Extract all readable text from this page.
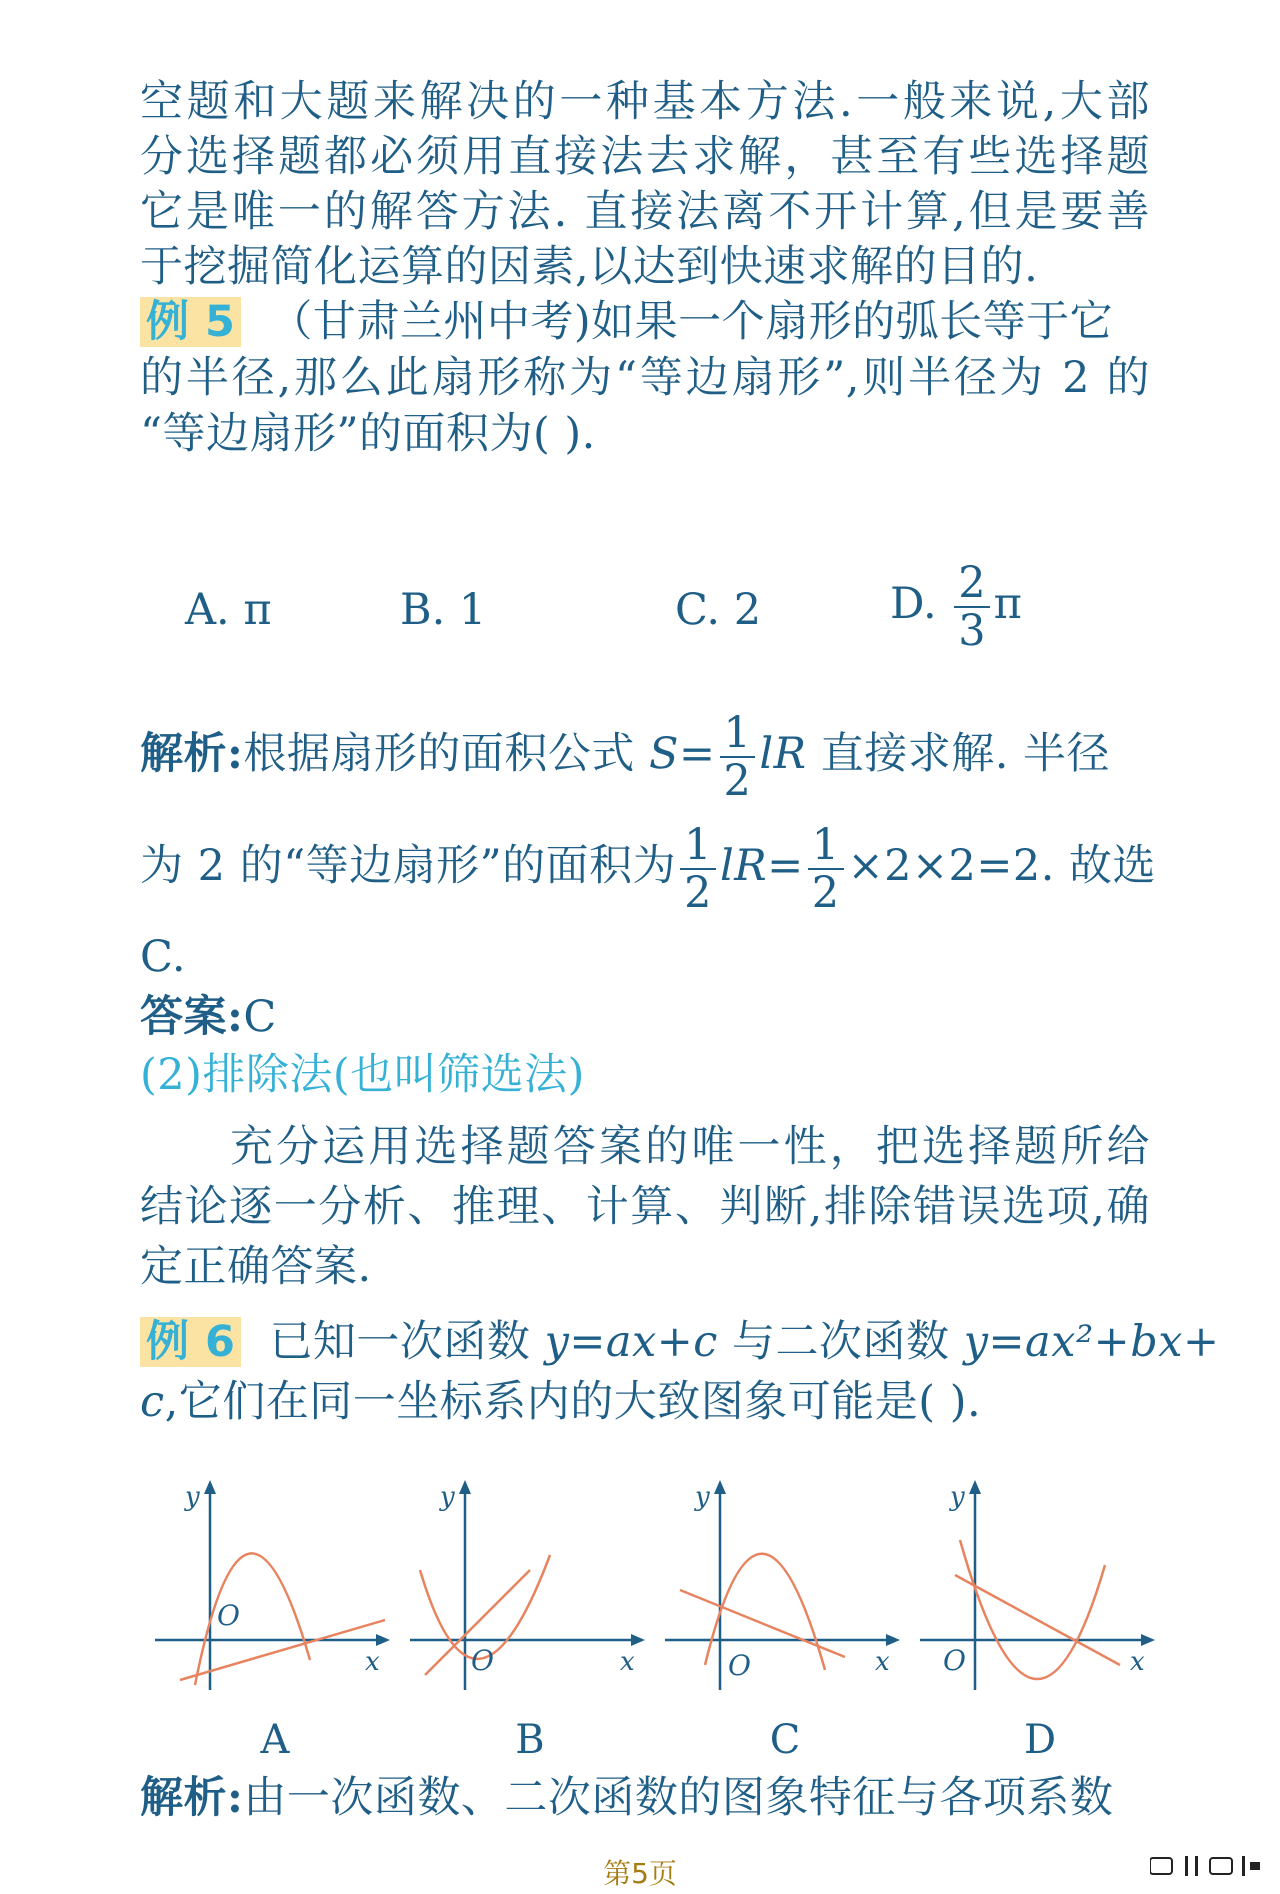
空题和大题来解决的一种基本方法.一般来说,大部
分选择题都必须用直接法去求解，甚至有些选择题
它是唯一的解答方法. 直接法离不开计算,但是要善
于挖掘简化运算的因素,以达到快速求解的目的.
例 5 （甘肃兰州中考)如果一个扇形的弧长等于它
的半径,那么此扇形称为“等边扇形”,则半径为 2 的
“等边扇形”的面积为( ).
A. π	B. 1	C. 2	D. $\frac{2}{3}$ π
解析:根据扇形的面积公式 $S= \frac{1}{2}$ lR 直接求解. 半径
为 2 的“等边扇形”的面积为 $\frac{1}{2} lR= \frac{1}{2} \times 2\times 2=2$. 故选
C.
答案:C
(2)排除法(也叫筛选法)
充分运用选择题答案的唯一性，把选择题所给
结论逐一分析、推理、计算、判断,排除错误选项,确
定正确答案.
例 6 已知一次函数 y=ax+c 与二次函数 y=ax²+bx+
c,它们在同一坐标系内的大致图象可能是( ).
y
x
O
A
y
x
O
B
y
x
O
C
y
x
O
D
解析:由一次函数、二次函数的图象特征与各项系数
第5页
